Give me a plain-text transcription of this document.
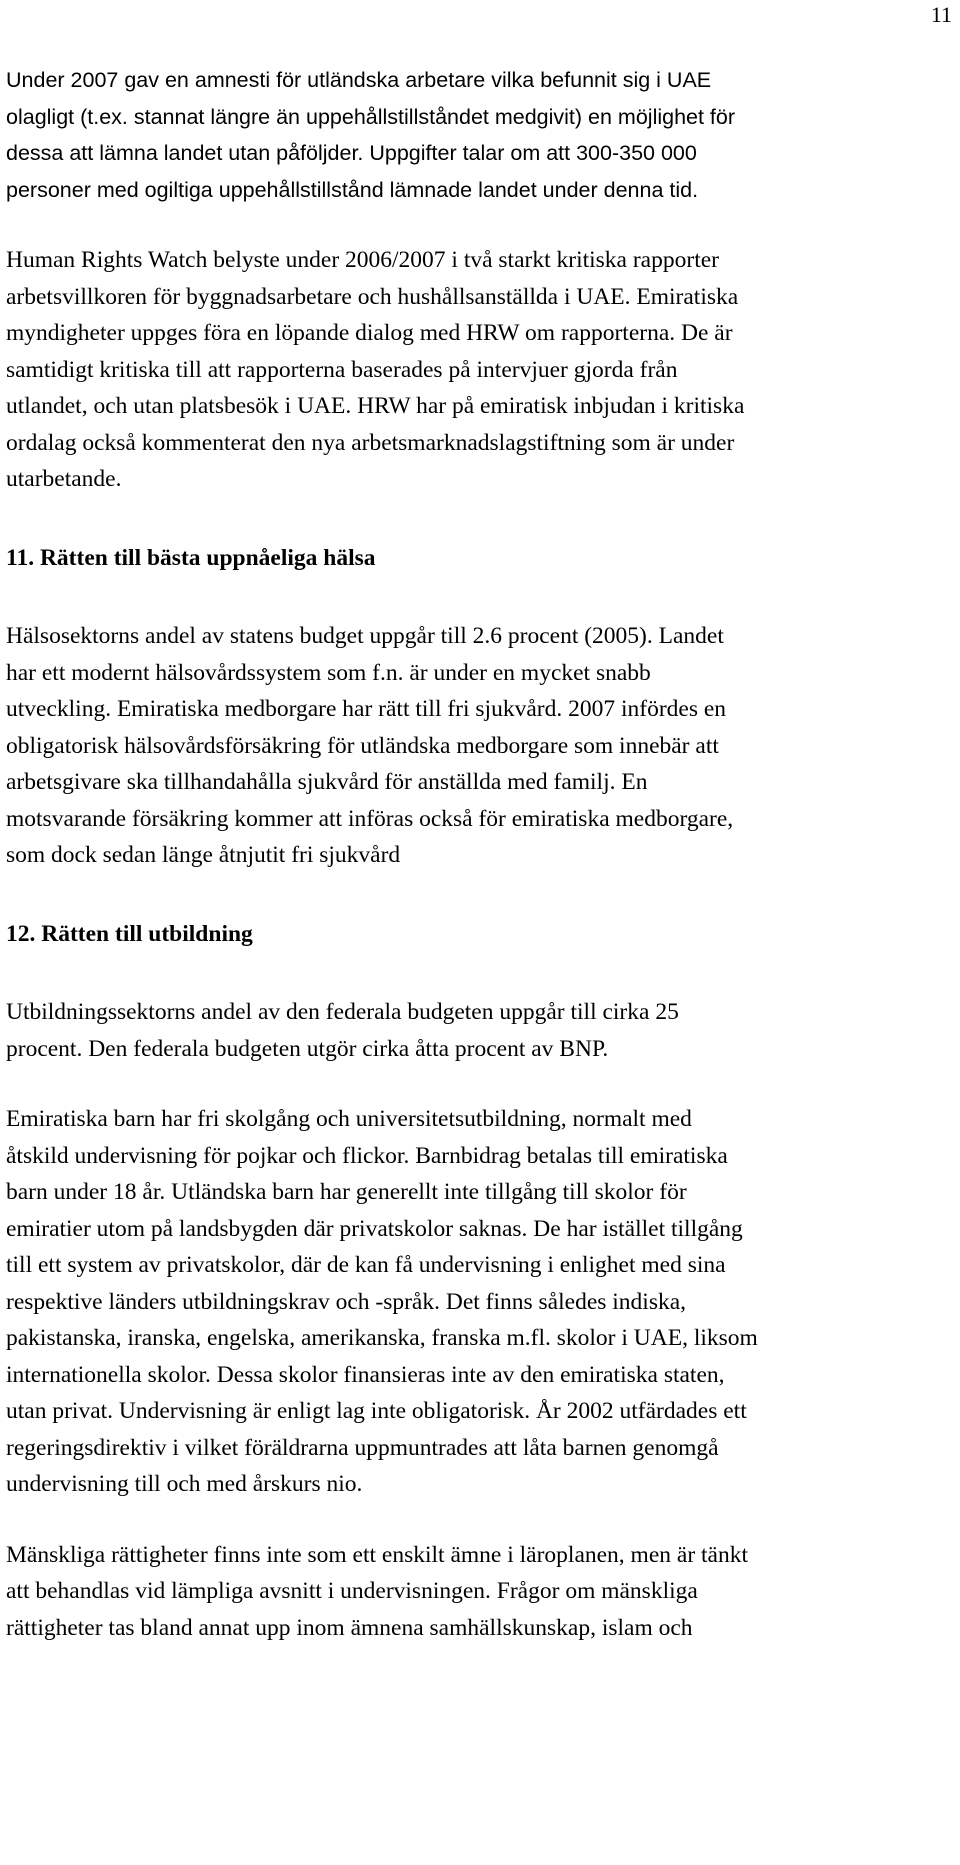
11

Under 2007 gav en amnesti för utländska arbetare vilka befunnit sig i UAE
olagligt (t.ex. stannat längre än uppehållstillståndet medgivit) en möjlighet för
dessa att lämna landet utan påföljder. Uppgifter talar om att 300-350 000
personer med ogiltiga uppehållstillstånd lämnade landet under denna tid.

Human Rights Watch belyste under 2006/2007 i två starkt kritiska rapporter
arbetsvillkoren för byggnadsarbetare och hushållsanställda i UAE. Emiratiska
myndigheter uppges föra en löpande dialog med HRW om rapporterna. De är
samtidigt kritiska till att rapporterna baserades på intervjuer gjorda från
utlandet, och utan platsbesök i UAE. HRW har på emiratisk inbjudan i kritiska
ordalag också kommenterat den nya arbetsmarknadslagstiftning som är under
utarbetande.

11. Rätten till bästa uppnåeliga hälsa

Hälsosektorns andel av statens budget uppgår till 2.6 procent (2005). Landet
har ett modernt hälsovårdssystem som f.n. är under en mycket snabb
utveckling. Emiratiska medborgare har rätt till fri sjukvård. 2007 infördes en
obligatorisk hälsovårdsförsäkring för utländska medborgare som innebär att
arbetsgivare ska tillhandahålla sjukvård för anställda med familj. En
motsvarande försäkring kommer att införas också för emiratiska medborgare,
som dock sedan länge åtnjutit fri sjukvård

12. Rätten till utbildning

Utbildningssektorns andel av den federala budgeten uppgår till cirka 25
procent. Den federala budgeten utgör cirka åtta procent av BNP.

Emiratiska barn har fri skolgång och universitetsutbildning, normalt med
åtskild undervisning för pojkar och flickor. Barnbidrag betalas till emiratiska
barn under 18 år. Utländska barn har generellt inte tillgång till skolor för
emiratier utom på landsbygden där privatskolor saknas. De har istället tillgång
till ett system av privatskolor, där de kan få undervisning i enlighet med sina
respektive länders utbildningskrav och -språk. Det finns således indiska,
pakistanska, iranska, engelska, amerikanska, franska m.fl. skolor i UAE, liksom
internationella skolor. Dessa skolor finansieras inte av den emiratiska staten,
utan privat. Undervisning är enligt lag inte obligatorisk. År 2002 utfärdades ett
regeringsdirektiv i vilket föräldrarna uppmuntrades att låta barnen genomgå
undervisning till och med årskurs nio.

Mänskliga rättigheter finns inte som ett enskilt ämne i läroplanen, men är tänkt
att behandlas vid lämpliga avsnitt i undervisningen. Frågor om mänskliga
rättigheter tas bland annat upp inom ämnena samhällskunskap, islam och
